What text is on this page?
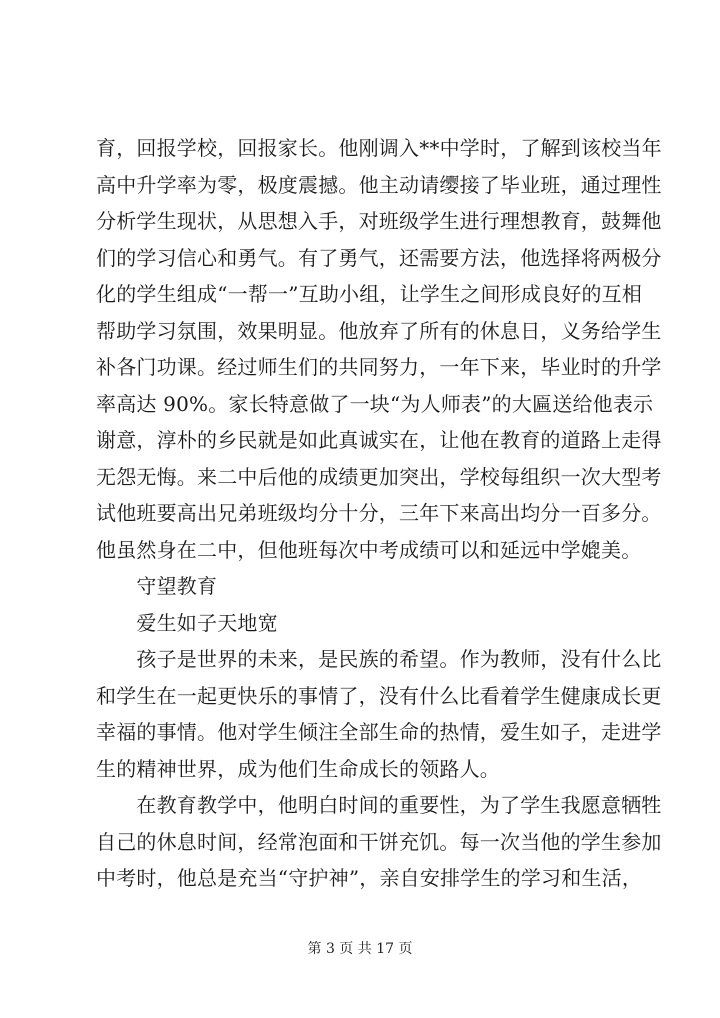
育，回报学校，回报家长。他刚调入**中学时，了解到该校当年
高中升学率为零，极度震撼。他主动请缨接了毕业班，通过理性
分析学生现状，从思想入手，对班级学生进行理想教育，鼓舞他
们的学习信心和勇气。有了勇气，还需要方法，他选择将两极分
化的学生组成“一帮一”互助小组，让学生之间形成良好的互相
帮助学习氛围，效果明显。他放弃了所有的休息日，义务给学生
补各门功课。经过师生们的共同努力，一年下来，毕业时的升学
率高达 90%。家长特意做了一块“为人师表”的大匾送给他表示
谢意，淳朴的乡民就是如此真诚实在，让他在教育的道路上走得
无怨无悔。来二中后他的成绩更加突出，学校每组织一次大型考
试他班要高出兄弟班级均分十分，三年下来高出均分一百多分。
他虽然身在二中，但他班每次中考成绩可以和延远中学媲美。
　　守望教育
　　爱生如子天地宽
　　孩子是世界的未来，是民族的希望。作为教师，没有什么比
和学生在一起更快乐的事情了，没有什么比看着学生健康成长更
幸福的事情。他对学生倾注全部生命的热情，爱生如子，走进学
生的精神世界，成为他们生命成长的领路人。
　　在教育教学中，他明白时间的重要性，为了学生我愿意牺牲
自己的休息时间，经常泡面和干饼充饥。每一次当他的学生参加
中考时，他总是充当“守护神”，亲自安排学生的学习和生活，
第 3 页 共 17 页
